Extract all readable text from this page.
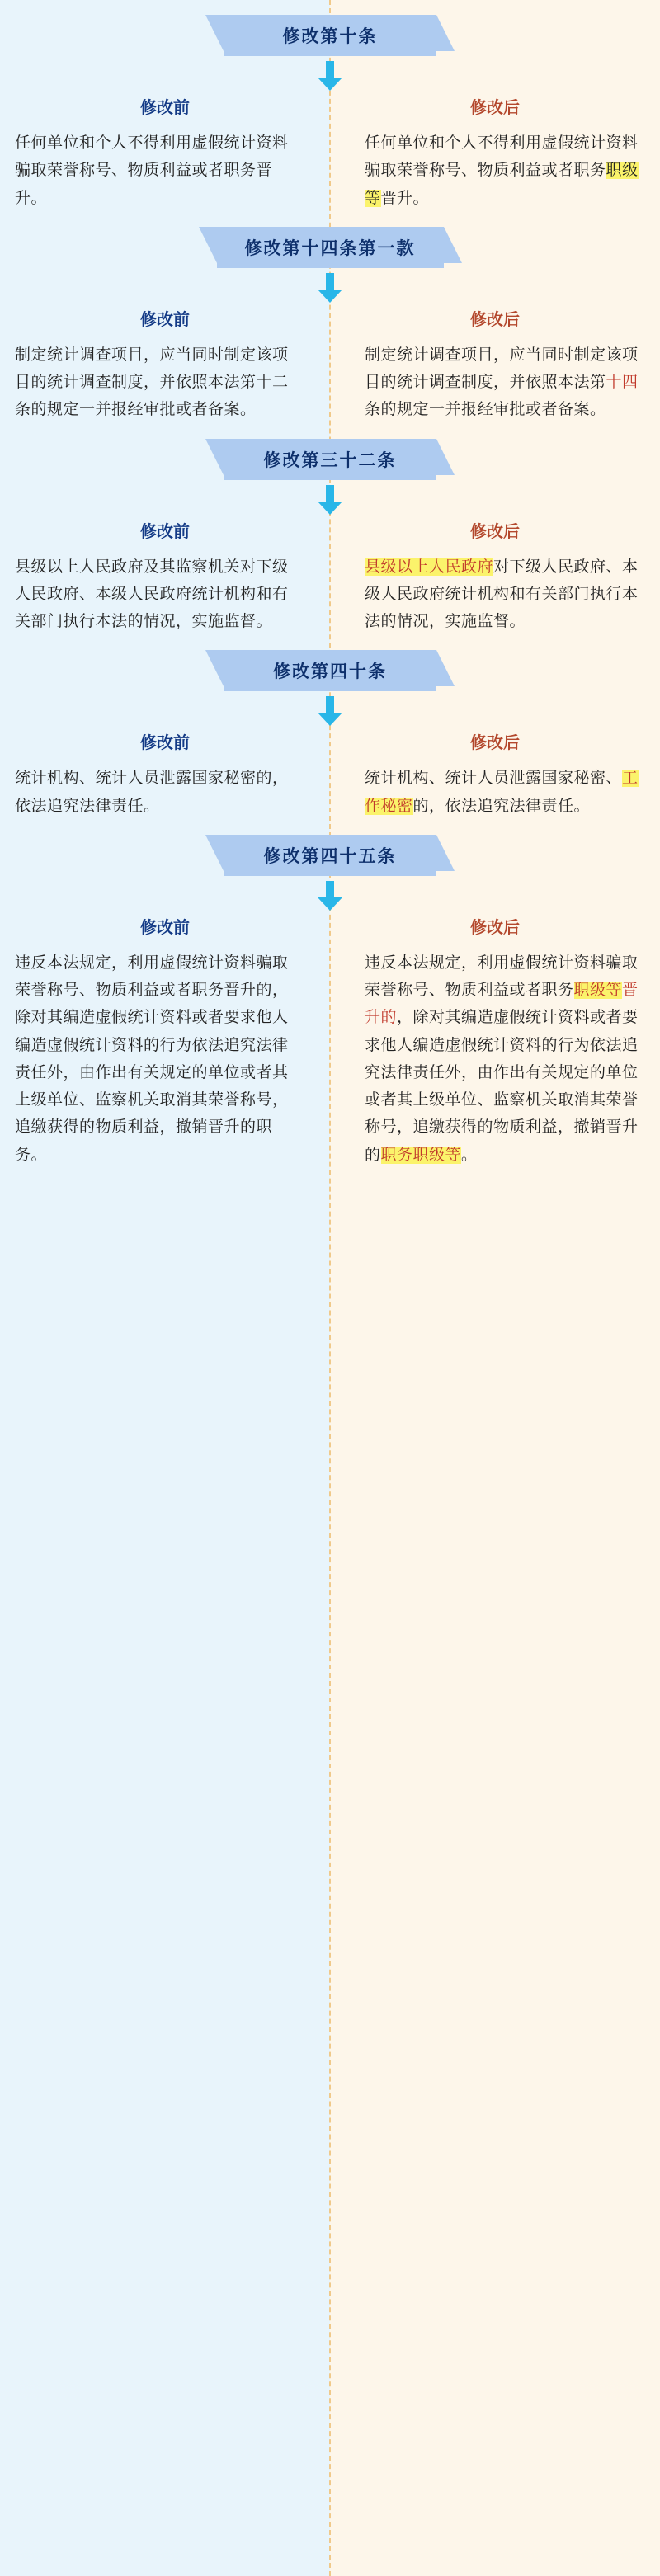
修改第十条
修改前
任何单位和个人不得利用虚假统计资料骗取荣誉称号、物质利益或者职务晋升。
修改后
任何单位和个人不得利用虚假统计资料骗取荣誉称号、物质利益或者职务职级等晋升。
修改第十四条第一款
修改前
制定统计调查项目，应当同时制定该项目的统计调查制度，并依照本法第十二条的规定一并报经审批或者备案。
修改后
制定统计调查项目，应当同时制定该项目的统计调查制度，并依照本法第十四条的规定一并报经审批或者备案。
修改第三十二条
修改前
县级以上人民政府及其监察机关对下级人民政府、本级人民政府统计机构和有关部门执行本法的情况，实施监督。
修改后
县级以上人民政府对下级人民政府、本级人民政府统计机构和有关部门执行本法的情况，实施监督。
修改第四十条
修改前
统计机构、统计人员泄露国家秘密的，依法追究法律责任。
修改后
统计机构、统计人员泄露国家秘密、工作秘密的，依法追究法律责任。
修改第四十五条
修改前
违反本法规定，利用虚假统计资料骗取荣誉称号、物质利益或者职务晋升的，除对其编造虚假统计资料或者要求他人编造虚假统计资料的行为依法追究法律责任外，由作出有关规定的单位或者其上级单位、监察机关取消其荣誉称号，追缴获得的物质利益，撤销晋升的职务。
修改后
违反本法规定，利用虚假统计资料骗取荣誉称号、物质利益或者职务职级等晋升的，除对其编造虚假统计资料或者要求他人编造虚假统计资料的行为依法追究法律责任外，由作出有关规定的单位或者其上级单位、监察机关取消其荣誉称号，追缴获得的物质利益，撤销晋升的职务职级等。
